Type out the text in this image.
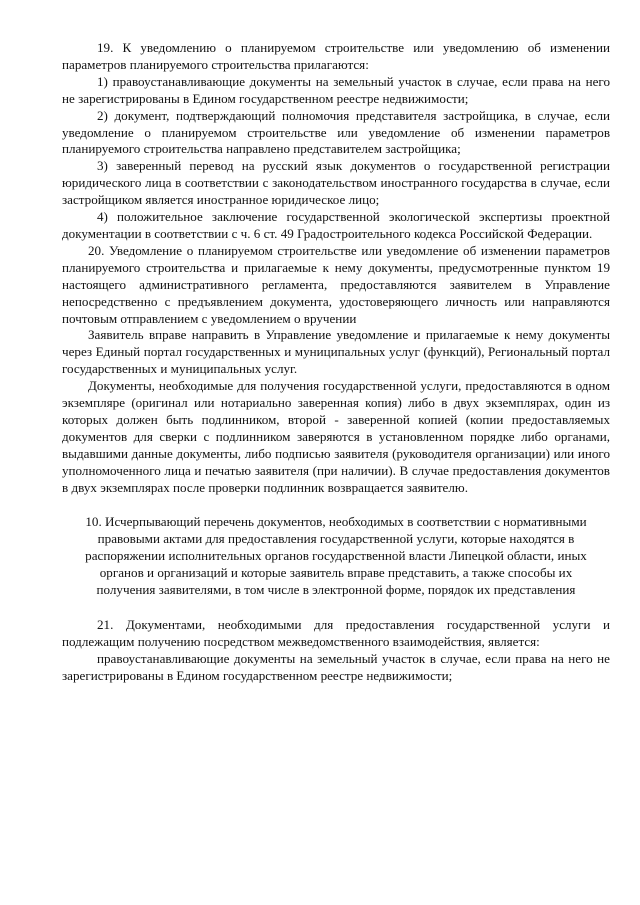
19. К уведомлению о планируемом строительстве или уведомлению об изменении параметров планируемого строительства прилагаются:

1) правоустанавливающие документы на земельный участок в случае, если права на него не зарегистрированы в Едином государственном реестре недвижимости;

2) документ, подтверждающий полномочия представителя застройщика, в случае, если уведомление о планируемом строительстве или уведомление об изменении параметров планируемого строительства направлено представителем застройщика;

3) заверенный перевод на русский язык документов о государственной регистрации юридического лица в соответствии с законодательством иностранного государства в случае, если застройщиком является иностранное юридическое лицо;

4) положительное заключение государственной экологической экспертизы проектной документации в соответствии с ч. 6 ст. 49 Градостроительного кодекса Российской Федерации.

20. Уведомление о планируемом строительстве или уведомление об изменении параметров планируемого строительства и прилагаемые к нему документы, предусмотренные пунктом 19 настоящего административного регламента, предоставляются заявителем в Управление непосредственно с предъявлением документа, удостоверяющего личность или направляются почтовым отправлением с уведомлением о вручении

Заявитель вправе направить в Управление уведомление и прилагаемые к нему документы через Единый портал государственных и муниципальных услуг (функций), Региональный портал государственных и муниципальных услуг.

Документы, необходимые для получения государственной услуги, предоставляются в одном экземпляре (оригинал или нотариально заверенная копия) либо в двух экземплярах, один из которых должен быть подлинником, второй - заверенной копией (копии предоставляемых документов для сверки с подлинником заверяются в установленном порядке либо органами, выдавшими данные документы, либо подписью заявителя (руководителя организации) или иного уполномоченного лица и печатью заявителя (при наличии). В случае предоставления документов в двух экземплярах после проверки подлинник возвращается заявителю.

10. Исчерпывающий перечень документов, необходимых в соответствии с нормативными правовыми актами для предоставления государственной услуги, которые находятся в распоряжении исполнительных органов государственной власти Липецкой области, иных органов и организаций и которые заявитель вправе представить, а также способы их получения заявителями, в том числе в электронной форме, порядок их представления

21. Документами, необходимыми для предоставления государственной услуги и подлежащим получению посредством межведомственного взаимодействия, является:

правоустанавливающие документы на земельный участок в случае, если права на него не зарегистрированы в Едином государственном реестре недвижимости;
